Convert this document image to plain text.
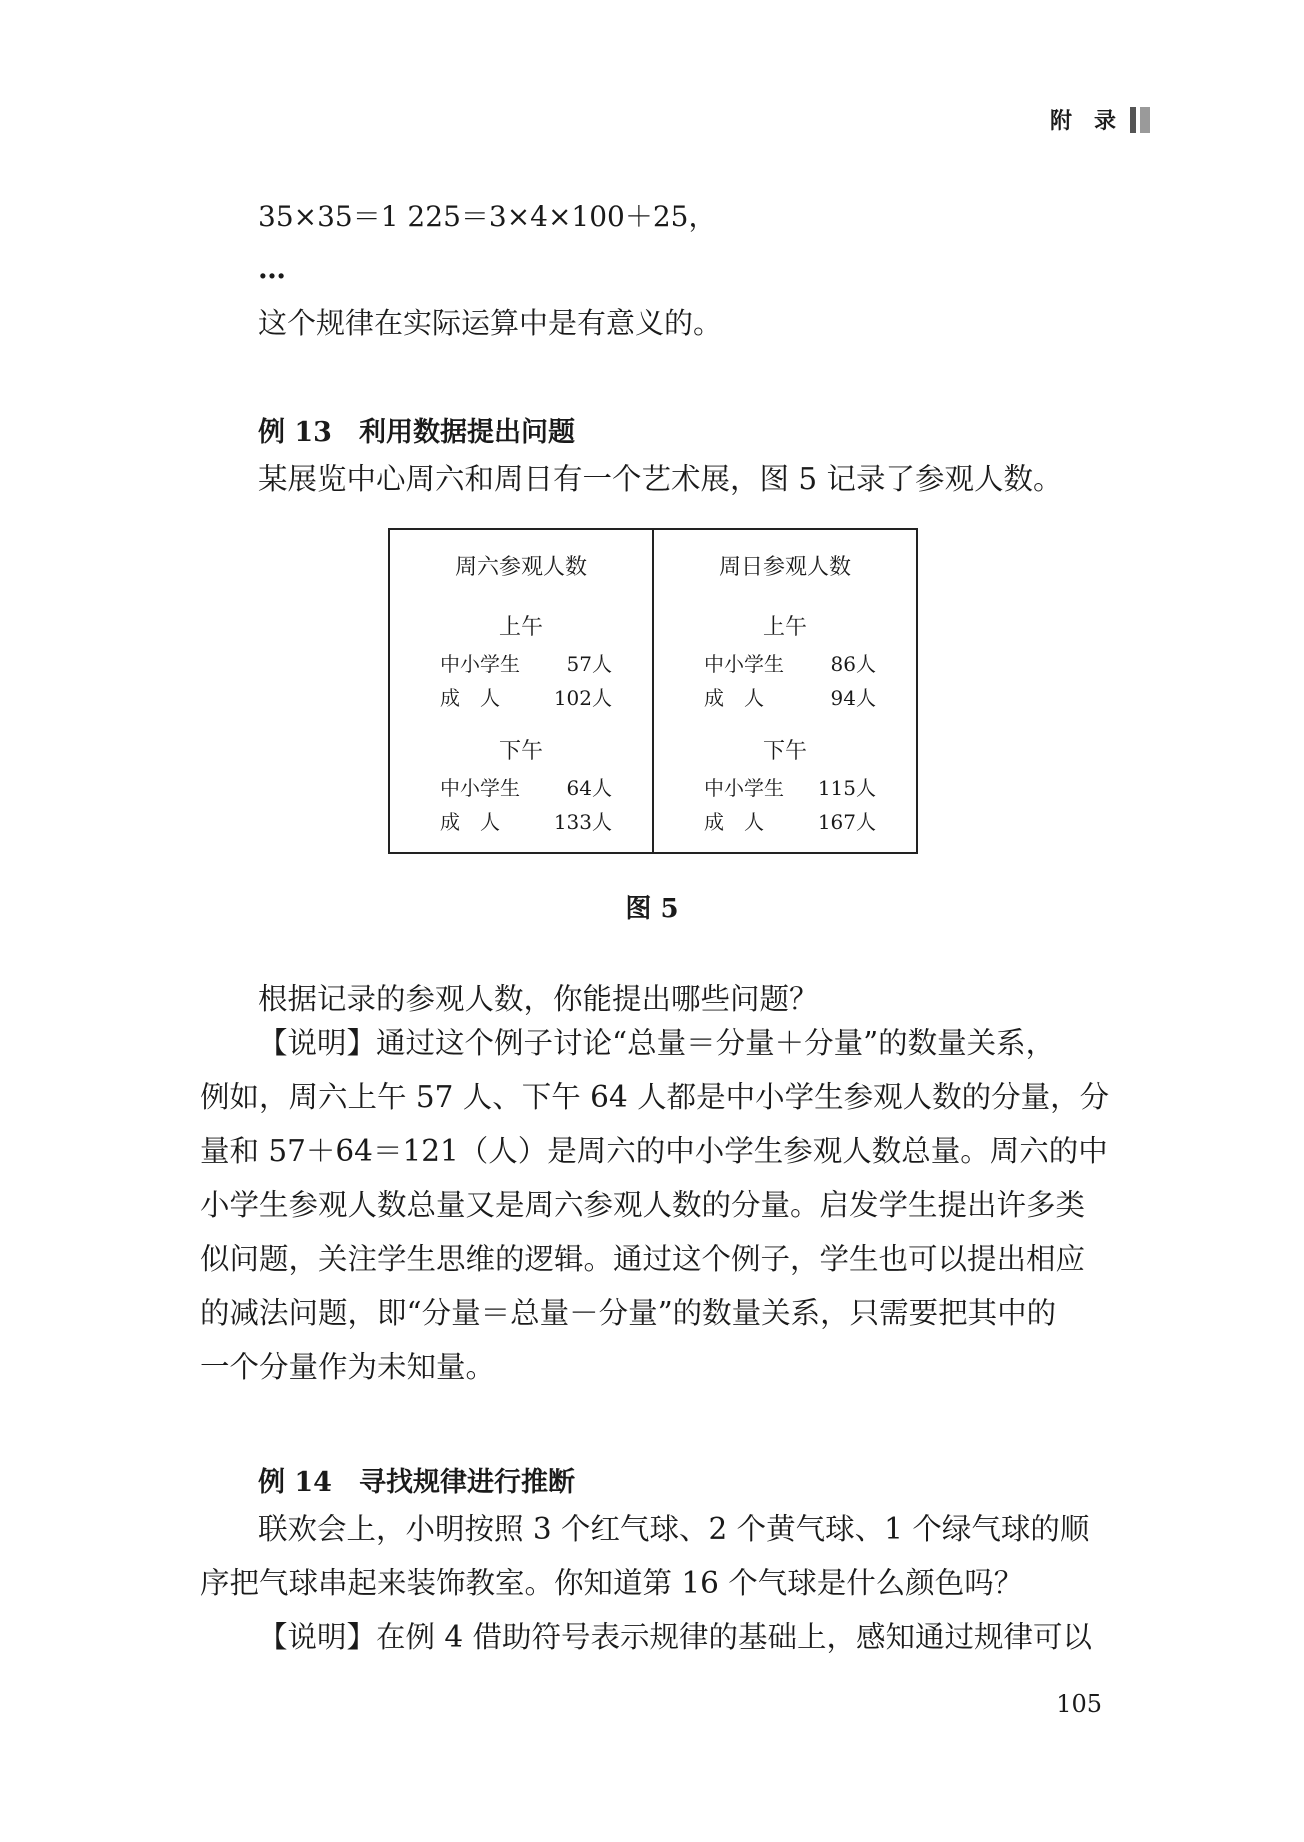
附　录
35×35＝1 225＝3×4×100＋25，
…
这个规律在实际运算中是有意义的。
例 13　利用数据提出问题
某展览中心周六和周日有一个艺术展，图 5 记录了参观人数。
周六参观人数
上午
中小学生 57人
成　人	102人
下午
中小学生 64人
成　人	133人
周日参观人数
上午
中小学生 86人
成　人	94人
下午
中小学生 115人
成　人	167人
图 5
根据记录的参观人数，你能提出哪些问题？

【说明】通过这个例子讨论“总量＝分量＋分量”的数量关系，

例如，周六上午 57 人、下午 64 人都是中小学生参观人数的分量，分

量和 57＋64＝121（人）是周六的中小学生参观人数总量。周六的中

小学生参观人数总量又是周六参观人数的分量。启发学生提出许多类

似问题，关注学生思维的逻辑。通过这个例子，学生也可以提出相应

的减法问题，即“分量＝总量－分量”的数量关系，只需要把其中的

一个分量作为未知量。

例 14　寻找规律进行推断

联欢会上，小明按照 3 个红气球、2 个黄气球、1 个绿气球的顺

序把气球串起来装饰教室。你知道第 16 个气球是什么颜色吗？

【说明】在例 4 借助符号表示规律的基础上，感知通过规律可以

105
